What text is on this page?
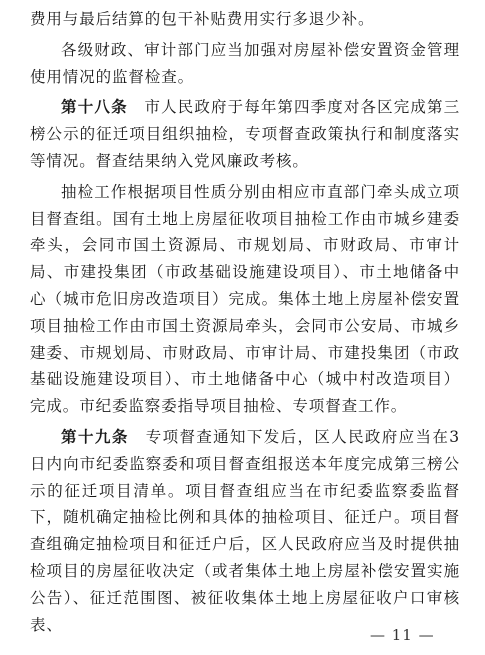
费用与最后结算的包干补贴费用实行多退少补。

各级财政、审计部门应当加强对房屋补偿安置资金管理使用情况的监督检查。

第十八条　 市人民政府于每年第四季度对各区完成第三榜公示的征迁项目组织抽检，专项督查政策执行和制度落实等情况。督查结果纳入党风廉政考核。

抽检工作根据项目性质分别由相应市直部门牵头成立项目督查组。国有土地上房屋征收项目抽检工作由市城乡建委牵头，会同市国土资源局、市规划局、市财政局、市审计局、市建投集团（市政基础设施建设项目）、市土地储备中心（城市危旧房改造项目）完成。集体土地上房屋补偿安置项目抽检工作由市国土资源局牵头，会同市公安局、市城乡建委、市规划局、市财政局、市审计局、市建投集团（市政基础设施建设项目）、市土地储备中心（城中村改造项目）完成。市纪委监察委指导项目抽检、专项督查工作。

第十九条　 专项督查通知下发后，区人民政府应当在3日内向市纪委监察委和项目督查组报送本年度完成第三榜公示的征迁项目清单。项目督查组应当在市纪委监察委监督下，随机确定抽检比例和具体的抽检项目、征迁户。项目督查组确定抽检项目和征迁户后，区人民政府应当及时提供抽检项目的房屋征收决定（或者集体土地上房屋补偿安置实施公告）、征迁范围图、被征收集体土地上房屋征收户口审核表、

— 11 —
